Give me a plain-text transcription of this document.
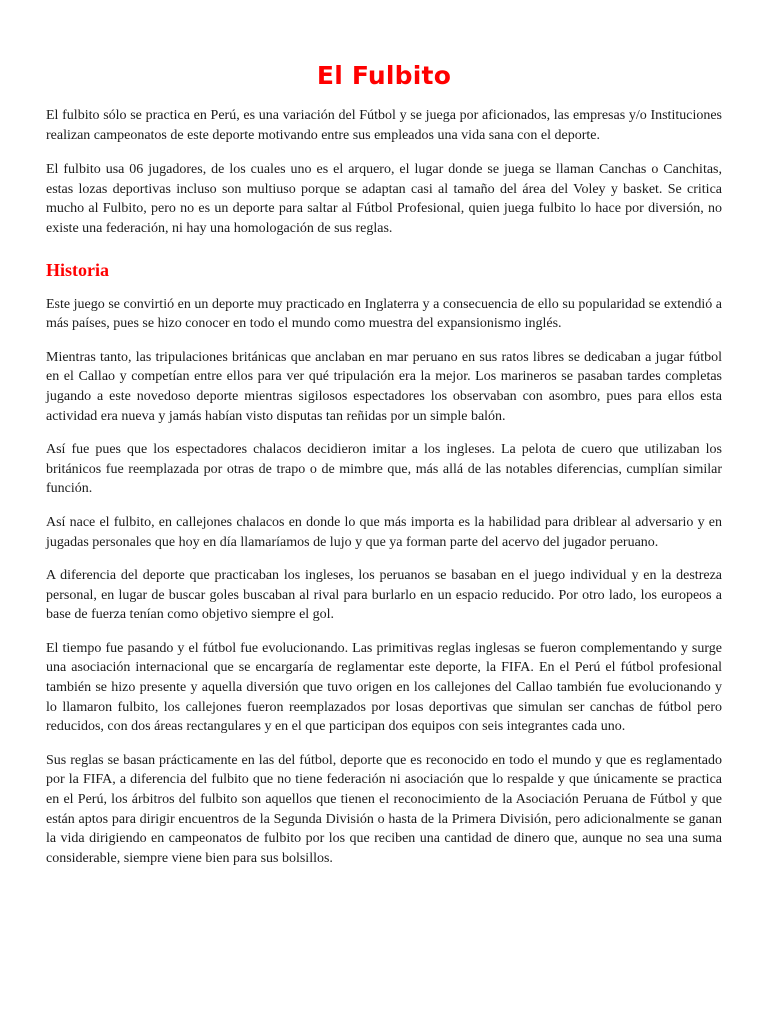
El Fulbito

El fulbito sólo se practica en Perú, es una variación del Fútbol y se juega por aficionados, las empresas y/o Instituciones realizan campeonatos de este deporte motivando entre sus empleados una vida sana con el deporte.

El fulbito usa 06 jugadores, de los cuales uno es el arquero, el lugar donde se juega se llaman Canchas o Canchitas, estas lozas deportivas incluso son multiuso porque se adaptan casi al tamaño del área del Voley y basket. Se critica mucho al Fulbito, pero no es un deporte para saltar al Fútbol Profesional, quien juega fulbito lo hace por diversión, no existe una federación, ni hay una homologación de sus reglas.

Historia

Este juego se convirtió en un deporte muy practicado en Inglaterra y a consecuencia de ello su popularidad se extendió a más países, pues se hizo conocer en todo el mundo como muestra del expansionismo inglés.

Mientras tanto, las tripulaciones británicas que anclaban en mar peruano en sus ratos libres se dedicaban a jugar fútbol en el Callao y competían entre ellos para ver qué tripulación era la mejor. Los marineros se pasaban tardes completas jugando a este novedoso deporte mientras sigilosos espectadores los observaban con asombro, pues para ellos esta actividad era nueva y jamás habían visto disputas tan reñidas por un simple balón.

Así fue pues que los espectadores chalacos decidieron imitar a los ingleses. La pelota de cuero que utilizaban los británicos fue reemplazada por otras de trapo o de mimbre que, más allá de las notables diferencias, cumplían similar función.

Así nace el fulbito, en callejones chalacos en donde lo que más importa es la habilidad para driblear al adversario y en jugadas personales que hoy en día llamaríamos de lujo y que ya forman parte del acervo del jugador peruano.

A diferencia del deporte que practicaban los ingleses, los peruanos se basaban en el juego individual y en la destreza personal, en lugar de buscar goles buscaban al rival para burlarlo en un espacio reducido. Por otro lado, los europeos a base de fuerza tenían como objetivo siempre el gol.

El tiempo fue pasando y el fútbol fue evolucionando. Las primitivas reglas inglesas se fueron complementando y surge una asociación internacional que se encargaría de reglamentar este deporte, la FIFA. En el Perú el fútbol profesional también se hizo presente y aquella diversión que tuvo origen en los callejones del Callao también fue evolucionando y lo llamaron fulbito, los callejones fueron reemplazados por losas deportivas que simulan ser canchas de fútbol pero reducidos, con dos áreas rectangulares y en el que participan dos equipos con seis integrantes cada uno.

Sus reglas se basan prácticamente en las del fútbol, deporte que es reconocido en todo el mundo y que es reglamentado por la FIFA, a diferencia del fulbito que no tiene federación ni asociación que lo respalde y que únicamente se practica en el Perú, los árbitros del fulbito son aquellos que tienen el reconocimiento de la Asociación Peruana de Fútbol y que están aptos para dirigir encuentros de la Segunda División o hasta de la Primera División, pero adicionalmente se ganan la vida dirigiendo en campeonatos de fulbito por los que reciben una cantidad de dinero que, aunque no sea una suma considerable, siempre viene bien para sus bolsillos.
